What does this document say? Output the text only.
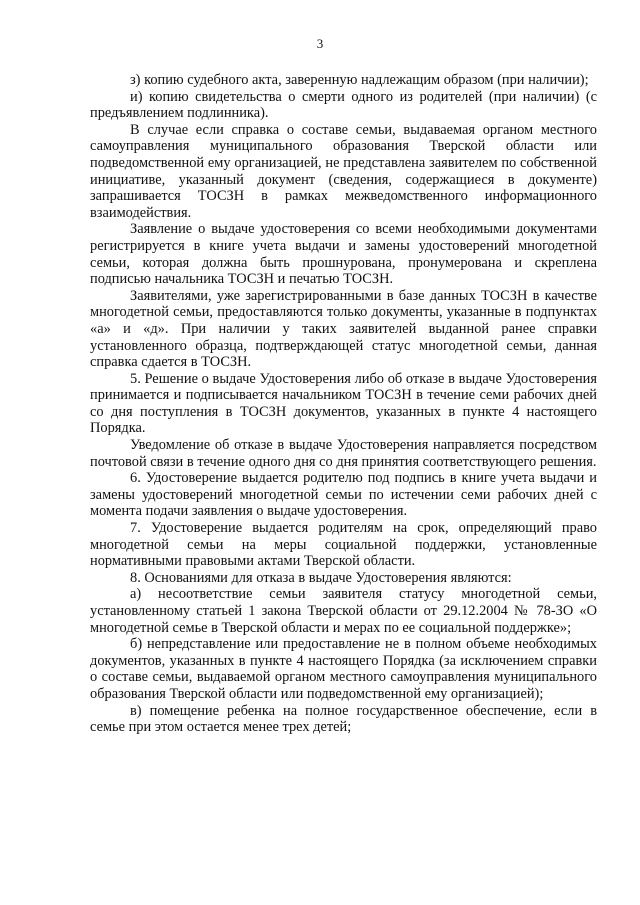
3

з) копию судебного акта, заверенную надлежащим образом (при наличии);

и) копию свидетельства о смерти одного из родителей (при наличии) (с предъявлением подлинника).

В случае если справка о составе семьи, выдаваемая органом местного самоуправления муниципального образования Тверской области или подведомственной ему организацией, не представлена заявителем по собственной инициативе, указанный документ (сведения, содержащиеся в документе) запрашивается ТОСЗН в рамках межведомственного информационного взаимодействия.

Заявление о выдаче удостоверения со всеми необходимыми документами регистрируется в книге учета выдачи и замены удостоверений многодетной семьи, которая должна быть прошнурована, пронумерована и скреплена подписью начальника ТОСЗН и печатью ТОСЗН.

Заявителями, уже зарегистрированными в базе данных ТОСЗН в качестве многодетной семьи, предоставляются только документы, указанные в подпунктах «а» и «д». При наличии у таких заявителей выданной ранее справки установленного образца, подтверждающей статус многодетной семьи, данная справка сдается в ТОСЗН.

5. Решение о выдаче Удостоверения либо об отказе в выдаче Удостоверения принимается и подписывается начальником ТОСЗН в течение семи рабочих дней со дня поступления в ТОСЗН документов, указанных в пункте 4 настоящего Порядка.

Уведомление об отказе в выдаче Удостоверения направляется посредством почтовой связи в течение одного дня со дня принятия соответствующего решения.

6. Удостоверение выдается родителю под подпись в книге учета выдачи и замены удостоверений многодетной семьи по истечении семи рабочих дней с момента подачи заявления о выдаче удостоверения.

7. Удостоверение выдается родителям на срок, определяющий право многодетной семьи на меры социальной поддержки, установленные нормативными правовыми актами Тверской области.

8. Основаниями для отказа в выдаче Удостоверения являются:

а) несоответствие семьи заявителя статусу многодетной семьи, установленному статьей 1 закона Тверской области от 29.12.2004 № 78-ЗО «О многодетной семье в Тверской области и мерах по ее социальной поддержке»;

б) непредставление или предоставление не в полном объеме необходимых документов, указанных в пункте 4 настоящего Порядка (за исключением справки о составе семьи, выдаваемой органом местного самоуправления муниципального образования Тверской области или подведомственной ему организацией);

в) помещение ребенка на полное государственное обеспечение, если в семье при этом остается менее трех детей;
